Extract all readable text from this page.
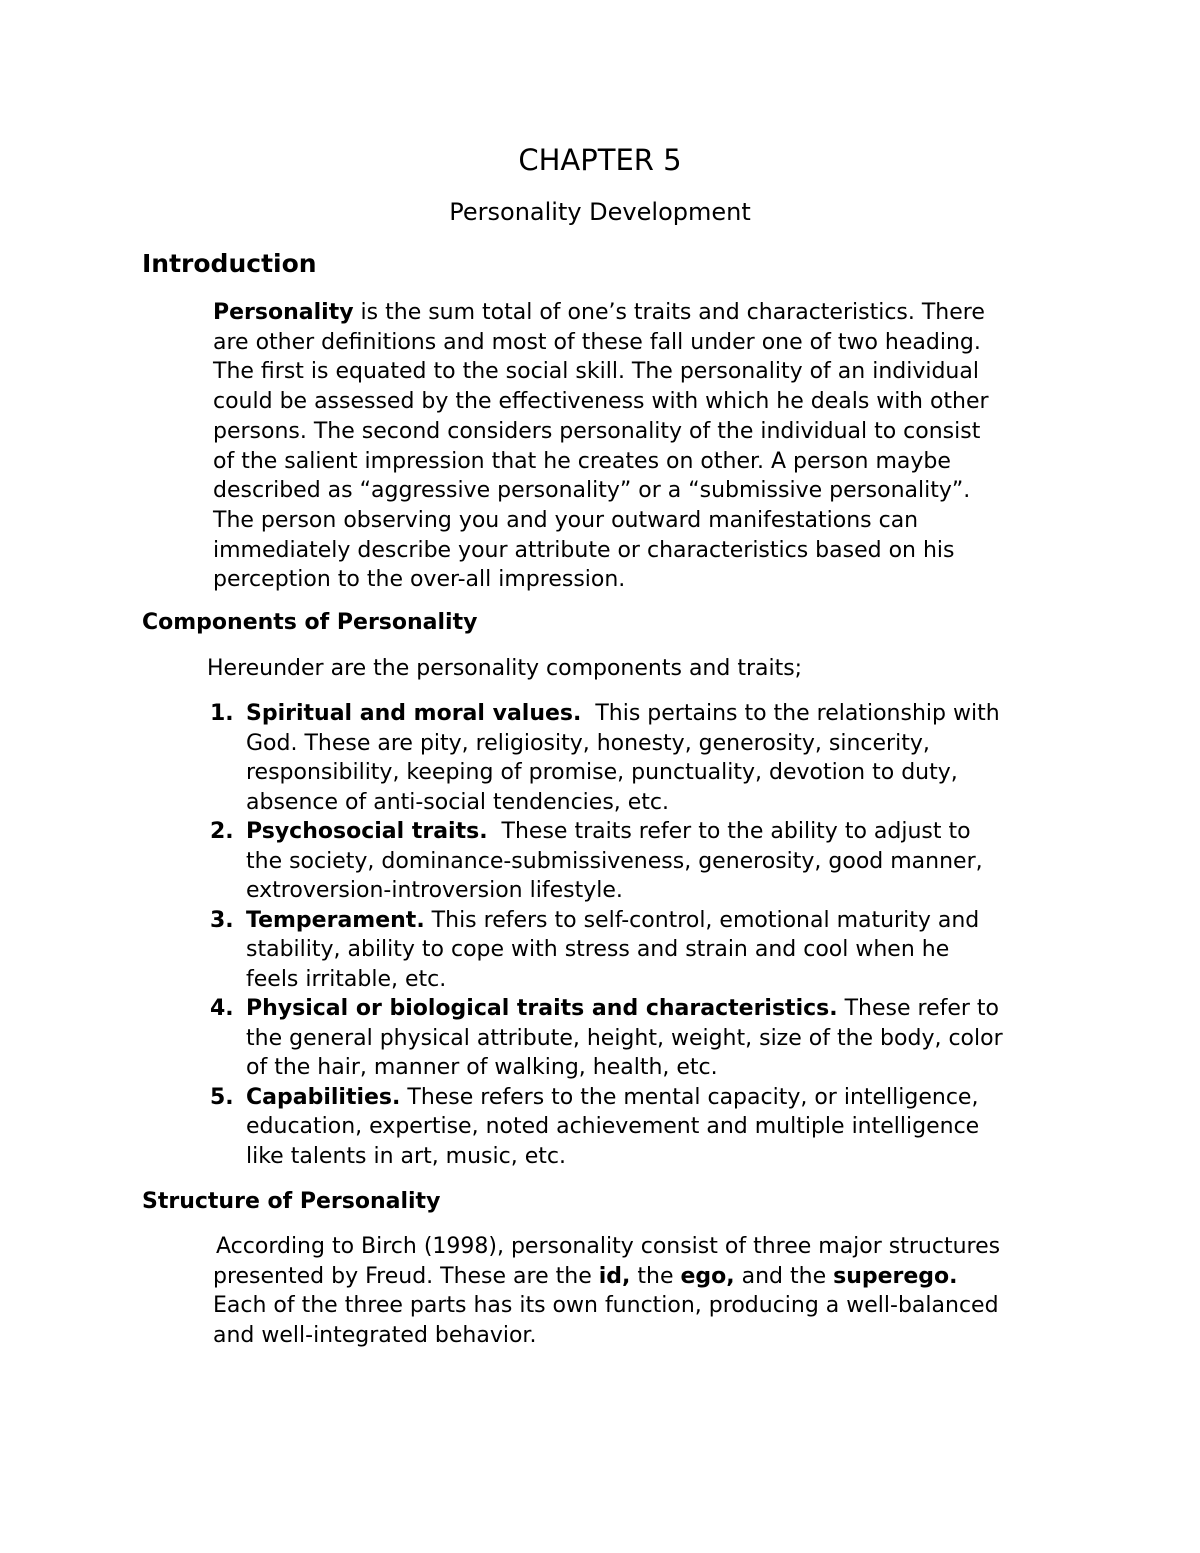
CHAPTER 5
Personality Development
Introduction
Personality is the sum total of one’s traits and characteristics. There
are other definitions and most of these fall under one of two heading.
The first is equated to the social skill. The personality of an individual
could be assessed by the effectiveness with which he deals with other
persons. The second considers personality of the individual to consist
of the salient impression that he creates on other. A person maybe
described as “aggressive personality” or a “submissive personality”.
The person observing you and your outward manifestations can
immediately describe your attribute or characteristics based on his
perception to the over-all impression.
Components of Personality
Hereunder are the personality components and traits;
1. Spiritual and moral values.  This pertains to the relationship with
God. These are pity, religiosity, honesty, generosity, sincerity,
responsibility, keeping of promise, punctuality, devotion to duty,
absence of anti-social tendencies, etc.
2. Psychosocial traits.  These traits refer to the ability to adjust to
the society, dominance-submissiveness, generosity, good manner,
extroversion-introversion lifestyle.
3. Temperament. This refers to self-control, emotional maturity and
stability, ability to cope with stress and strain and cool when he
feels irritable, etc.
4. Physical or biological traits and characteristics. These refer to
the general physical attribute, height, weight, size of the body, color
of the hair, manner of walking, health, etc.
5. Capabilities. These refers to the mental capacity, or intelligence,
education, expertise, noted achievement and multiple intelligence
like talents in art, music, etc.
Structure of Personality
According to Birch (1998), personality consist of three major structures
presented by Freud. These are the id, the ego, and the superego.
Each of the three parts has its own function, producing a well-balanced
and well-integrated behavior.
